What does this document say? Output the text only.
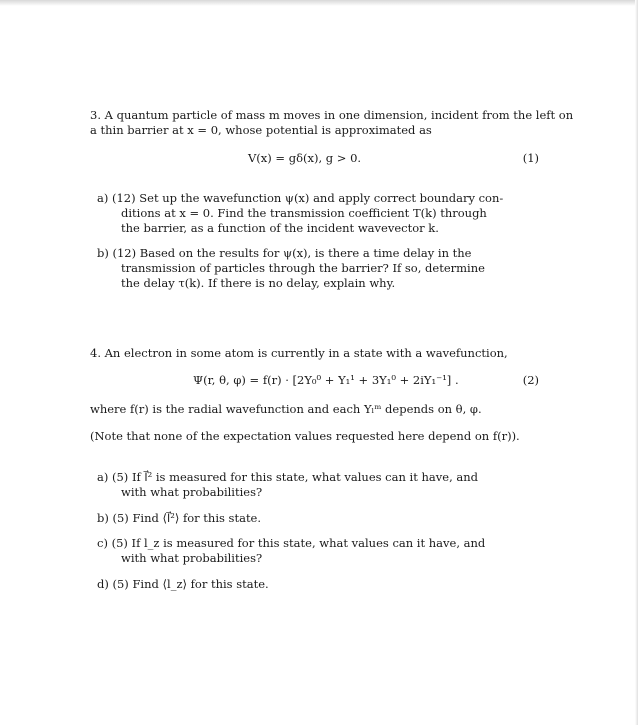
3. A quantum particle of mass m moves in one dimension, incident from the left on
a thin barrier at x = 0, whose potential is approximated as
V(x) = gδ(x), g > 0.	(1)
a) (12) Set up the wavefunction ψ(x) and apply correct boundary con-
ditions at x = 0. Find the transmission coefficient T(k) through
the barrier, as a function of the incident wavevector k.
b) (12) Based on the results for ψ(x), is there a time delay in the
transmission of particles through the barrier? If so, determine
the delay τ(k). If there is no delay, explain why.
4. An electron in some atom is currently in a state with a wavefunction,
Ψ(r, θ, φ) = f(r) · [2Y₀⁰ + Y₁¹ + 3Y₁⁰ + 2iY₁⁻¹] .	(2)
where f(r) is the radial wavefunction and each Yₗᵐ depends on θ, φ.
(Note that none of the expectation values requested here depend on f(r)).
a) (5) If l⃗² is measured for this state, what values can it have, and
with what probabilities?
b) (5) Find ⟨l⃗²⟩ for this state.
c) (5) If l_z is measured for this state, what values can it have, and
with what probabilities?
d) (5) Find ⟨l_z⟩ for this state.
